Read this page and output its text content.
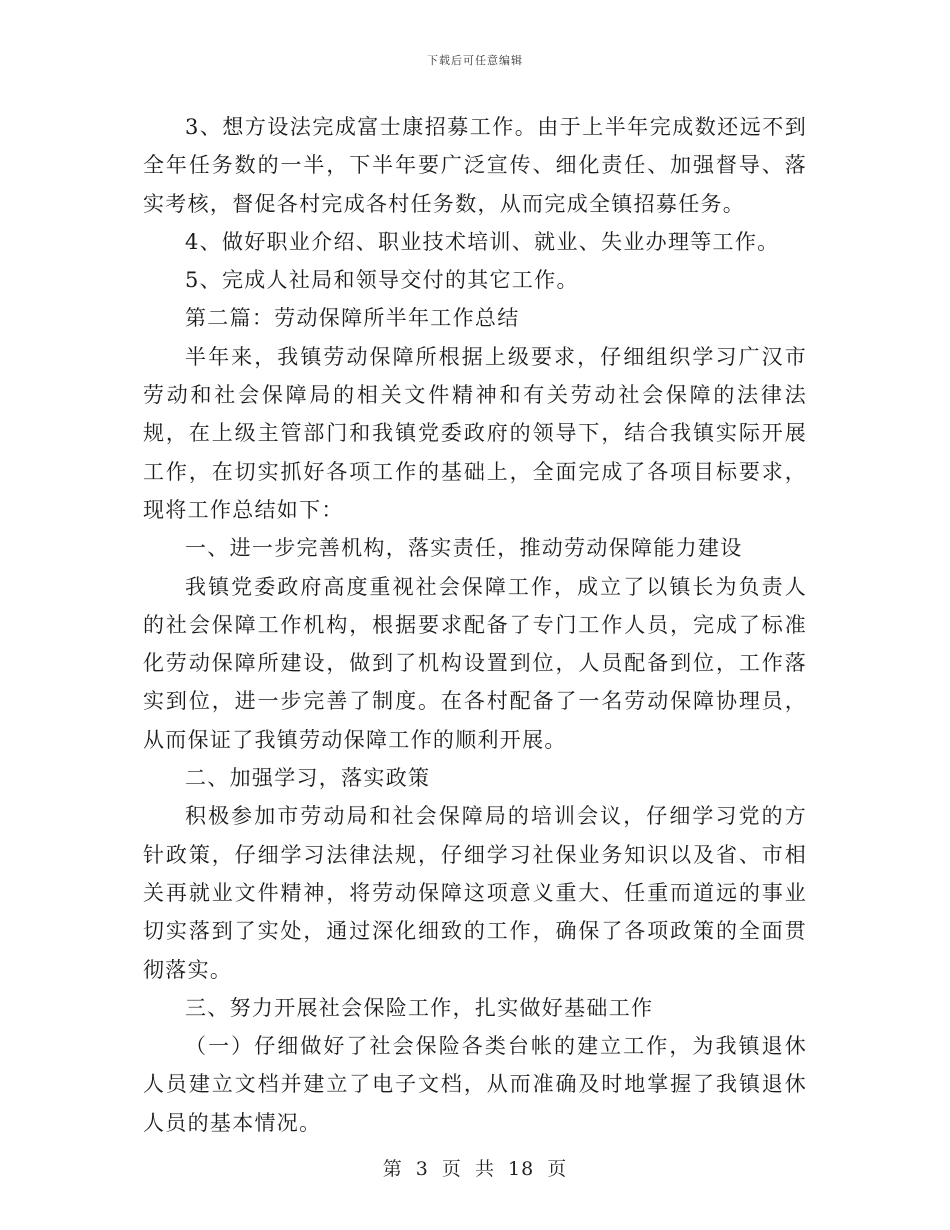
下载后可任意编辑

3、想方设法完成富士康招募工作。由于上半年完成数还远不到全年任务数的一半，下半年要广泛宣传、细化责任、加强督导、落实考核，督促各村完成各村任务数，从而完成全镇招募任务。

4、做好职业介绍、职业技术培训、就业、失业办理等工作。

5、完成人社局和领导交付的其它工作。

第二篇：劳动保障所半年工作总结

半年来，我镇劳动保障所根据上级要求，仔细组织学习广汉市劳动和社会保障局的相关文件精神和有关劳动社会保障的法律法规，在上级主管部门和我镇党委政府的领导下，结合我镇实际开展工作，在切实抓好各项工作的基础上，全面完成了各项目标要求，现将工作总结如下：

一、进一步完善机构，落实责任，推动劳动保障能力建设

我镇党委政府高度重视社会保障工作，成立了以镇长为负责人的社会保障工作机构，根据要求配备了专门工作人员，完成了标准化劳动保障所建设，做到了机构设置到位，人员配备到位，工作落实到位，进一步完善了制度。在各村配备了一名劳动保障协理员，从而保证了我镇劳动保障工作的顺利开展。

二、加强学习，落实政策

积极参加市劳动局和社会保障局的培训会议，仔细学习党的方针政策，仔细学习法律法规，仔细学习社保业务知识以及省、市相关再就业文件精神，将劳动保障这项意义重大、任重而道远的事业切实落到了实处，通过深化细致的工作，确保了各项政策的全面贯彻落实。

三、努力开展社会保险工作，扎实做好基础工作

（一）仔细做好了社会保险各类台帐的建立工作，为我镇退休人员建立文档并建立了电子文档，从而准确及时地掌握了我镇退休人员的基本情况。

第 3 页 共 18 页
